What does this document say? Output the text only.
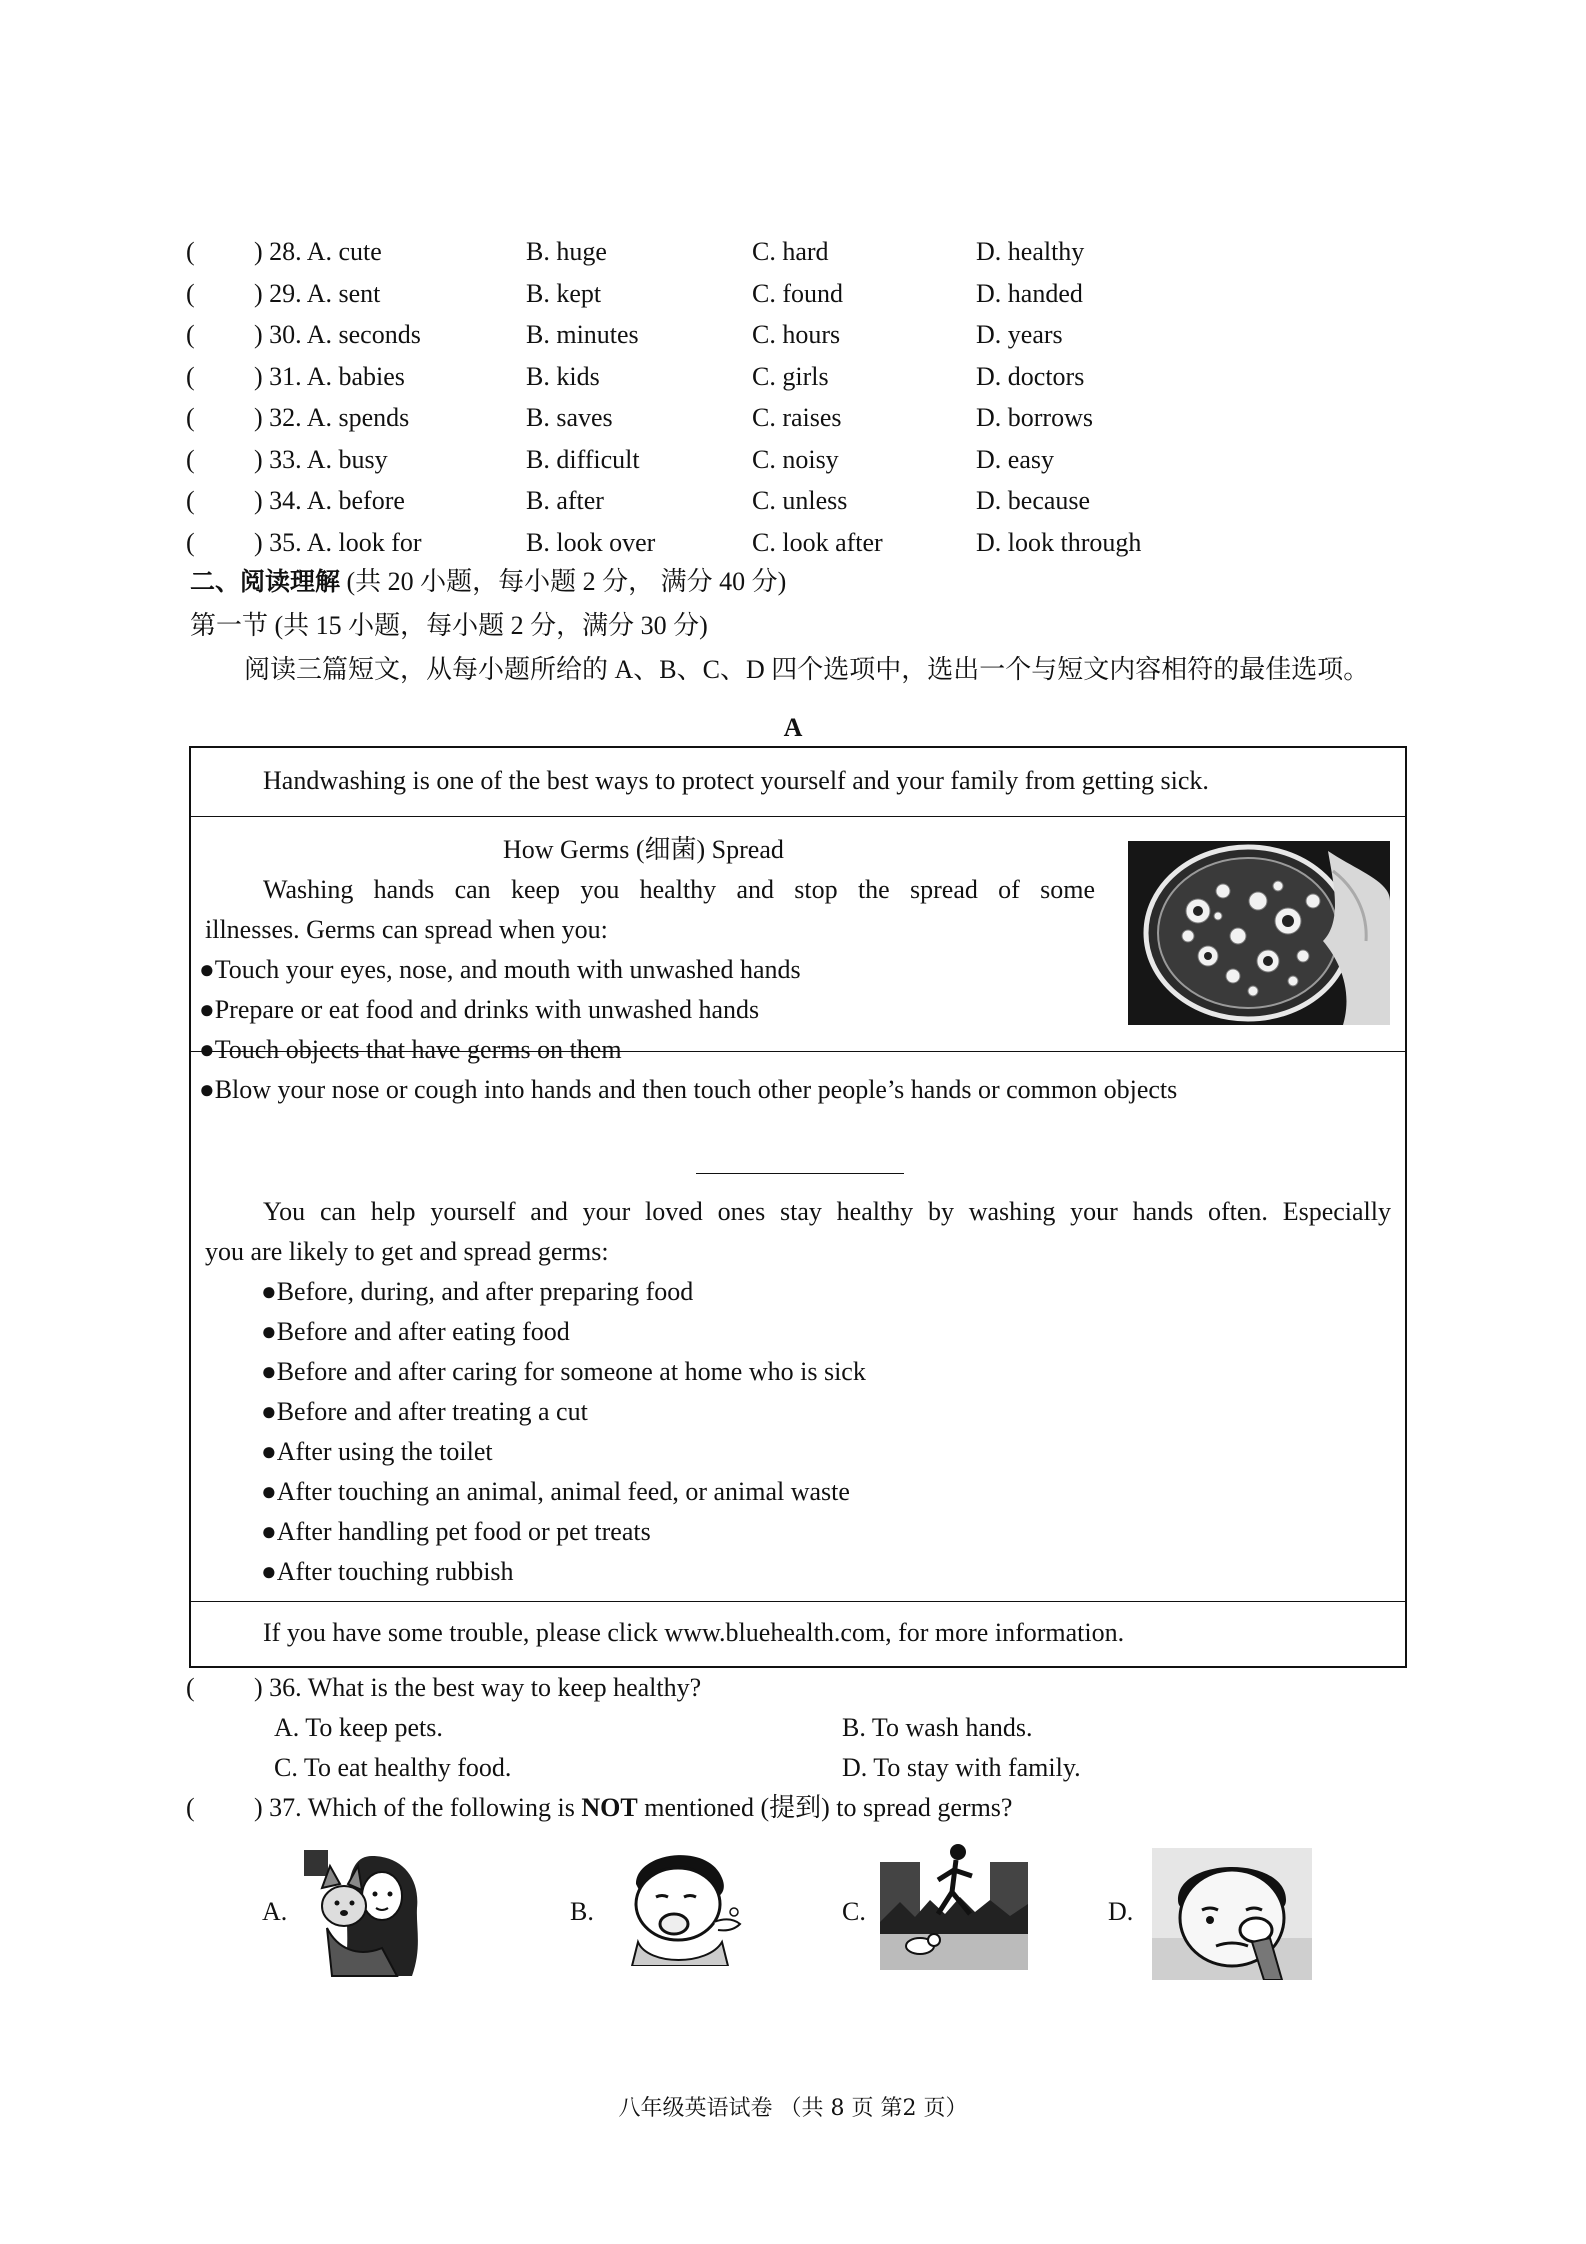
( ) 28. A. cute	B. huge	C. hard	D. healthy
( ) 29. A. sent	B. kept	C. found	D. handed
( ) 30. A. seconds	B. minutes	C. hours	D. years
( ) 31. A. babies	B. kids	C. girls	D. doctors
( ) 32. A. spends	B. saves	C. raises	D. borrows
( ) 33. A. busy	B. difficult	C. noisy	D. easy
( ) 34. A. before	B. after	C. unless	D. because
( ) 35. A. look for	B. look over	C. look after	D. look through
二、阅读理解 (共 20 小题，每小题 2 分， 满分 40 分)
第一节 (共 15 小题，每小题 2 分，满分 30 分)
阅读三篇短文，从每小题所给的 A、B、C、D 四个选项中，选出一个与短文内容相符的最佳选项。
A
Handwashing is one of the best ways to protect yourself and your family from getting sick.
How Germs (细菌) Spread
Washing hands can keep you healthy and stop the spread of some
illnesses. Germs can spread when you:
●Touch your eyes, nose, and mouth with unwashed hands
●Prepare or eat food and drinks with unwashed hands
●Touch objects that have germs on them
●Blow your nose or cough into hands and then touch other people’s hands or common objects
You can help yourself and your loved ones stay healthy by washing your hands often. Especially
you are likely to get and spread germs:
●Before, during, and after preparing food
●Before and after eating food
●Before and after caring for someone at home who is sick
●Before and after treating a cut
●After using the toilet
●After touching an animal, animal feed, or animal waste
●After handling pet food or pet treats
●After touching rubbish
If you have some trouble, please click www.bluehealth.com, for more information.
( ) 36. What is the best way to keep healthy?
A. To keep pets.	B. To wash hands.
C. To eat healthy food.	D. To stay with family.
( ) 37. Which of the following is NOT mentioned (提到) to spread germs?
A.	B.	C.	D.
八年级英语试卷 （共 8 页 第2 页）
